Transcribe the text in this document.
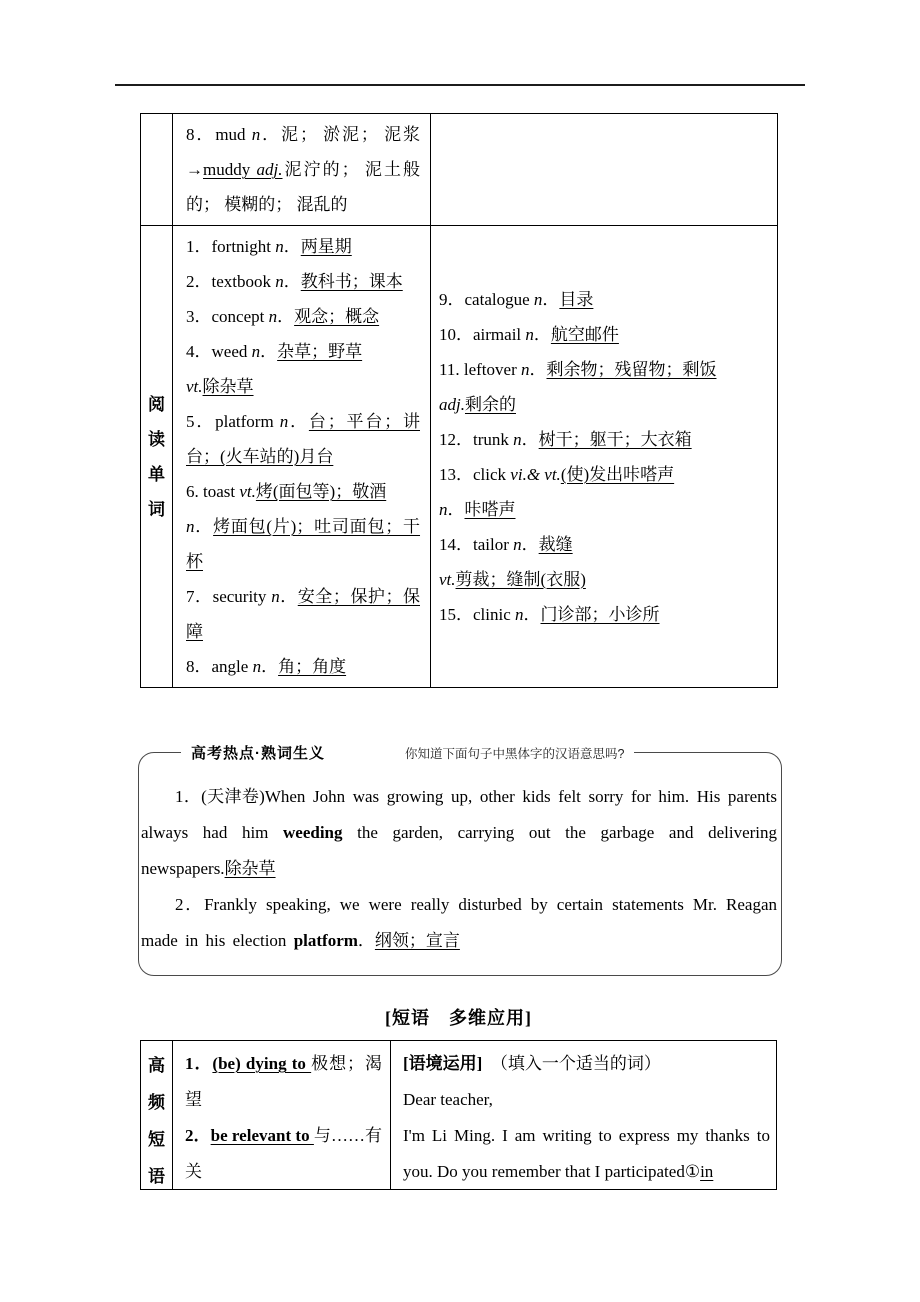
8．mud n．泥； 淤泥； 泥浆→muddy adj.泥泞的； 泥土般的； 模糊的； 混乱的
阅
读
单
词
1．fortnight n．两星期
2．textbook n．教科书；课本
3．concept n．观念；概念
4．weed n．杂草；野草
vt.除杂草
5．platform n．台；平台；讲台；(火车站的)月台
6. toast vt.烤(面包等)；敬酒
n．烤面包(片)；吐司面包；干杯
7．security n．安全；保护；保障
8．angle n．角；角度
9．catalogue n．目录
10．airmail n．航空邮件
11. leftover n．剩余物；残留物；剩饭
adj.剩余的
12．trunk n．树干；躯干；大衣箱
13．click vi.& vt.(使)发出咔嗒声
n．咔嗒声
14．tailor n．裁缝
vt.剪裁；缝制(衣服)
15．clinic n．门诊部；小诊所
高考热点·熟词生义	你知道下面句子中黑体字的汉语意思吗?

1．(天津卷)When John was growing up, other kids felt sorry for him. His parents always had him weeding the garden, carrying out the garbage and delivering newspapers.除杂草

2．Frankly speaking, we were really disturbed by certain statements Mr. Reagan made in his election platform．纲领；宣言

[短语　多维应用]
高
频
短
语
1．(be) dying to 极想；渴望
2．be relevant to 与……有关
[语境运用]　（填入一个适当的词）
Dear teacher,

I'm Li Ming. I am writing to express my thanks to you. Do you remember that I participated①in
